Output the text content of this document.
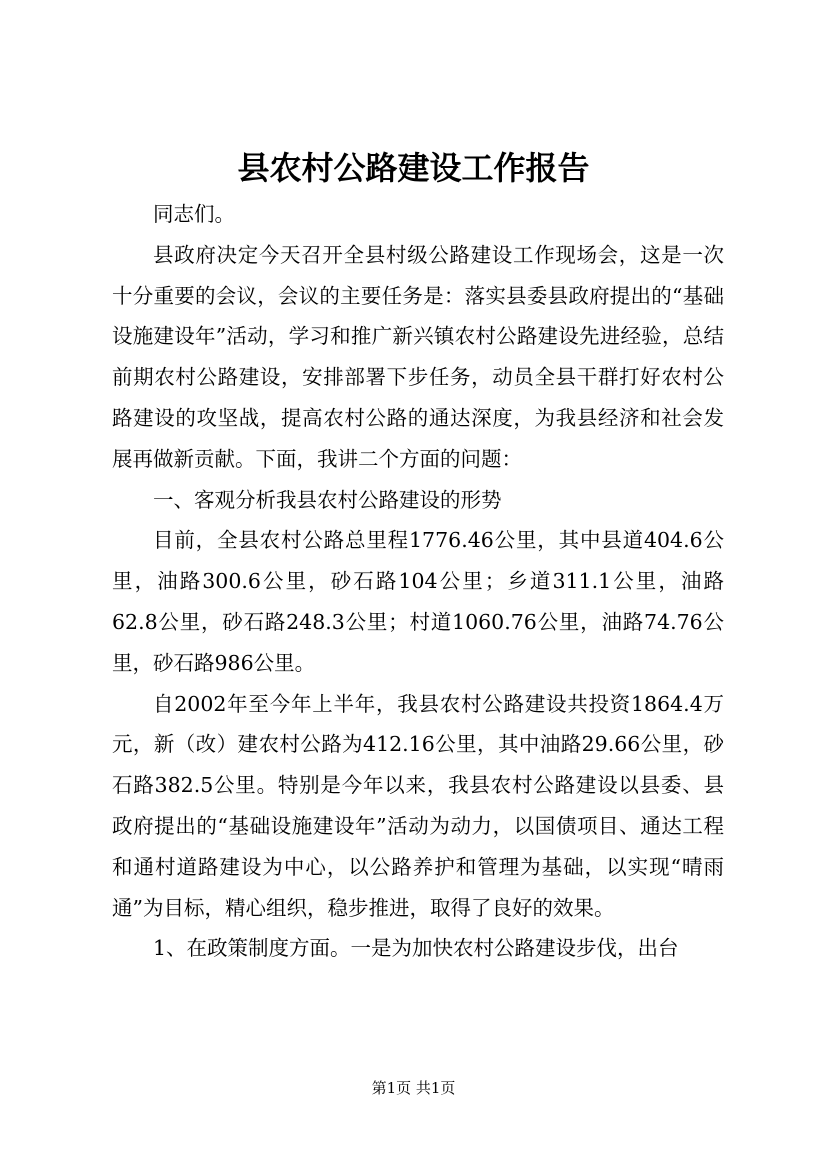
县农村公路建设工作报告

同志们。

县政府决定今天召开全县村级公路建设工作现场会，这是一次十分重要的会议，会议的主要任务是：落实县委县政府提出的“基础设施建设年”活动，学习和推广新兴镇农村公路建设先进经验，总结前期农村公路建设，安排部署下步任务，动员全县干群打好农村公路建设的攻坚战，提高农村公路的通达深度，为我县经济和社会发展再做新贡献。下面，我讲二个方面的问题：

一、客观分析我县农村公路建设的形势

目前，全县农村公路总里程1776.46公里，其中县道404.6公里，油路300.6公里，砂石路104公里；乡道311.1公里，油路62.8公里，砂石路248.3公里；村道1060.76公里，油路74.76公里，砂石路986公里。

自2002年至今年上半年，我县农村公路建设共投资1864.4万元，新（改）建农村公路为412.16公里，其中油路29.66公里，砂石路382.5公里。特别是今年以来，我县农村公路建设以县委、县政府提出的“基础设施建设年”活动为动力，以国债项目、通达工程和通村道路建设为中心，以公路养护和管理为基础，以实现“晴雨通”为目标，精心组织，稳步推进，取得了良好的效果。

1、在政策制度方面。一是为加快农村公路建设步伐，出台

第1页 共1页
